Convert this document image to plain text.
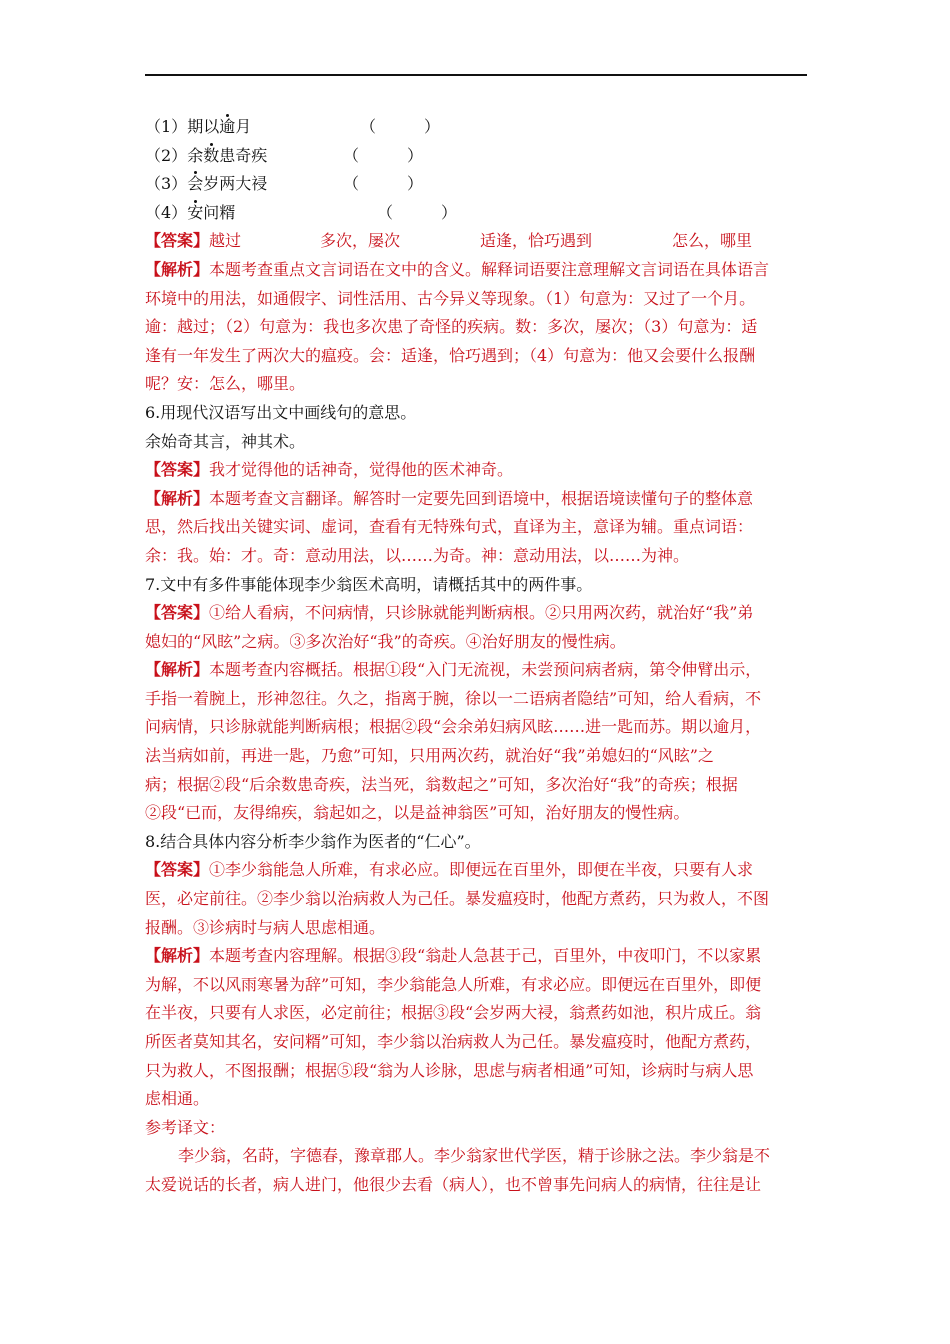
（1）期以逾月	（　　　）
（2）余数患奇疾	（　　　）
（3）会岁两大祲	（　　　）
（4）安问糈	（　　　）
【答案】越过	多次，屡次	适逢，恰巧遇到	怎么，哪里
【解析】本题考查重点文言词语在文中的含义。解释词语要注意理解文言词语在具体语言
环境中的用法，如通假字、词性活用、古今异义等现象。（1）句意为：又过了一个月。
逾：越过；（2）句意为：我也多次患了奇怪的疾病。数：多次，屡次；（3）句意为：适
逢有一年发生了两次大的瘟疫。会：适逢，恰巧遇到；（4）句意为：他又会要什么报酬
呢？安：怎么，哪里。
6.用现代汉语写出文中画线句的意思。
余始奇其言，神其术。
【答案】我才觉得他的话神奇，觉得他的医术神奇。
【解析】本题考查文言翻译。解答时一定要先回到语境中，根据语境读懂句子的整体意
思，然后找出关键实词、虚词，查看有无特殊句式，直译为主，意译为辅。重点词语：
余：我。始：才。奇：意动用法，以……为奇。神：意动用法，以……为神。
7.文中有多件事能体现李少翁医术高明，请概括其中的两件事。
【答案】①给人看病，不问病情，只诊脉就能判断病根。②只用两次药，就治好“我”弟
媳妇的“风眩”之病。③多次治好“我”的奇疾。④治好朋友的慢性病。
【解析】本题考查内容概括。根据①段“入门无流视，未尝预问病者病，第令伸臂出示，
手指一着腕上，形神忽往。久之，指离于腕，徐以一二语病者隐结”可知，给人看病，不
问病情，只诊脉就能判断病根；根据②段“会余弟妇病风眩……进一匙而苏。期以逾月，
法当病如前，再进一匙，乃愈”可知，只用两次药，就治好“我”弟媳妇的“风眩”之
病；根据②段“后余数患奇疾，法当死，翁数起之”可知，多次治好“我”的奇疾；根据
②段“已而，友得绵疾，翁起如之，以是益神翁医”可知，治好朋友的慢性病。
8.结合具体内容分析李少翁作为医者的“仁心”。
【答案】①李少翁能急人所难，有求必应。即便远在百里外，即便在半夜，只要有人求
医，必定前往。②李少翁以治病救人为己任。暴发瘟疫时，他配方煮药，只为救人，不图
报酬。③诊病时与病人思虑相通。
【解析】本题考查内容理解。根据③段“翁赴人急甚于己，百里外，中夜叩门，不以家累
为解，不以风雨寒暑为辞”可知，李少翁能急人所难，有求必应。即便远在百里外，即便
在半夜，只要有人求医，必定前往；根据③段“会岁两大祲，翁煮药如池，积片成丘。翁
所医者莫知其名，安问糈”可知，李少翁以治病救人为己任。暴发瘟疫时，他配方煮药，
只为救人，不图报酬；根据⑤段“翁为人诊脉，思虑与病者相通”可知，诊病时与病人思
虑相通。
参考译文：
李少翁，名莳，字德春，豫章郡人。李少翁家世代学医，精于诊脉之法。李少翁是不
太爱说话的长者，病人进门，他很少去看（病人），也不曾事先问病人的病情，往往是让
